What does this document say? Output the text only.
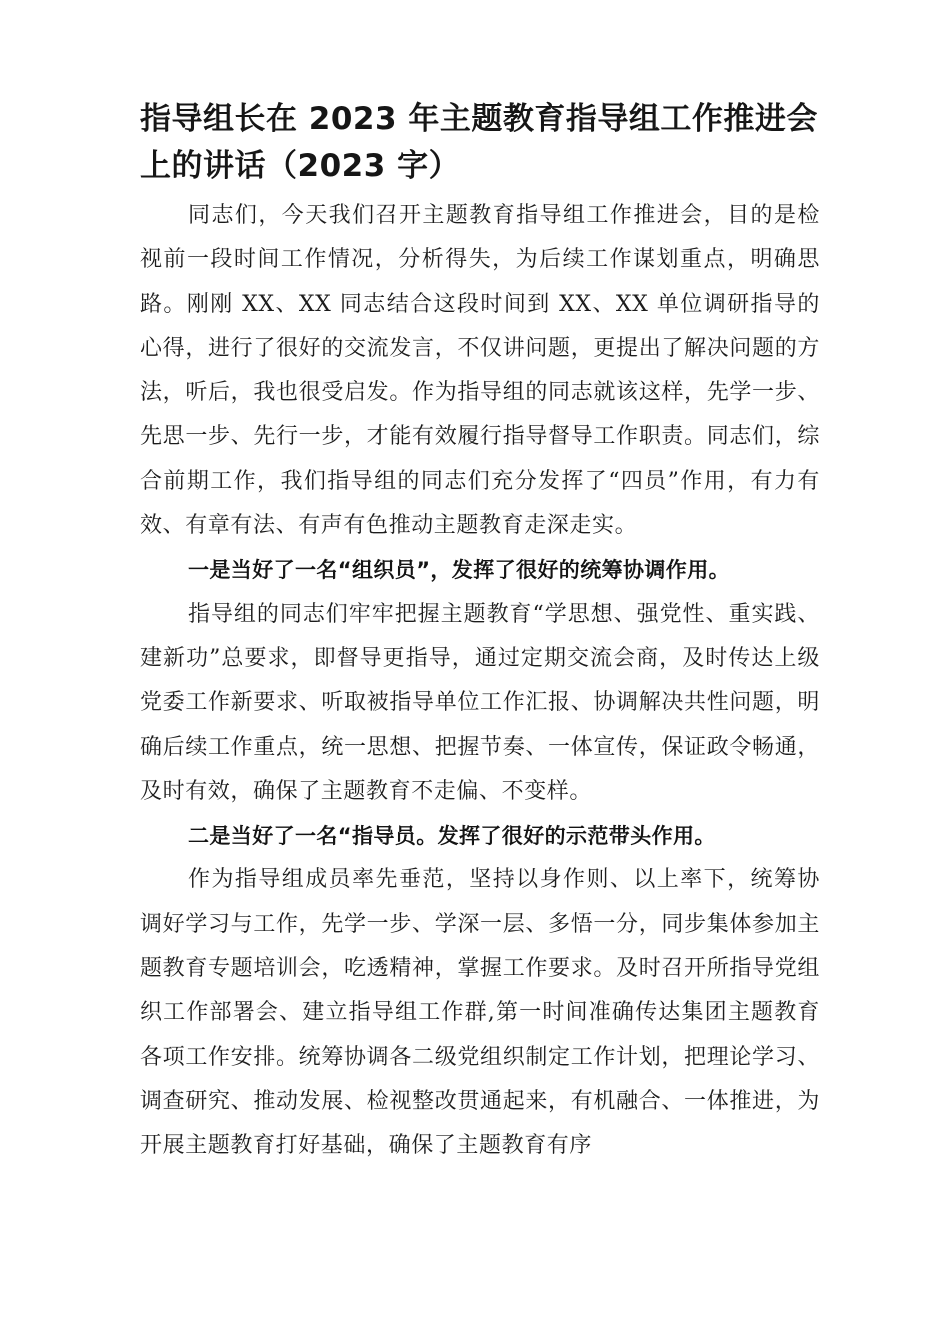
指导组长在 2023 年主题教育指导组工作推进会上的讲话（2023 字）

同志们，今天我们召开主题教育指导组工作推进会，目的是检视前一段时间工作情况，分析得失，为后续工作谋划重点，明确思路。刚刚 XX、XX 同志结合这段时间到 XX、XX 单位调研指导的心得，进行了很好的交流发言，不仅讲问题，更提出了解决问题的方法，听后，我也很受启发。作为指导组的同志就该这样，先学一步、先思一步、先行一步，才能有效履行指导督导工作职责。同志们，综合前期工作，我们指导组的同志们充分发挥了“四员”作用，有力有效、有章有法、有声有色推动主题教育走深走实。

一是当好了一名“组织员”，发挥了很好的统筹协调作用。

指导组的同志们牢牢把握主题教育“学思想、强党性、重实践、建新功”总要求，即督导更指导，通过定期交流会商，及时传达上级党委工作新要求、听取被指导单位工作汇报、协调解决共性问题，明确后续工作重点，统一思想、把握节奏、一体宣传，保证政令畅通，及时有效，确保了主题教育不走偏、不变样。

二是当好了一名“指导员。发挥了很好的示范带头作用。

作为指导组成员率先垂范，坚持以身作则、以上率下，统筹协调好学习与工作，先学一步、学深一层、多悟一分，同步集体参加主题教育专题培训会，吃透精神，掌握工作要求。及时召开所指导党组织工作部署会、建立指导组工作群,第一时间准确传达集团主题教育各项工作安排。统筹协调各二级党组织制定工作计划，把理论学习、调查研究、推动发展、检视整改贯通起来，有机融合、一体推进，为开展主题教育打好基础，确保了主题教育有序
